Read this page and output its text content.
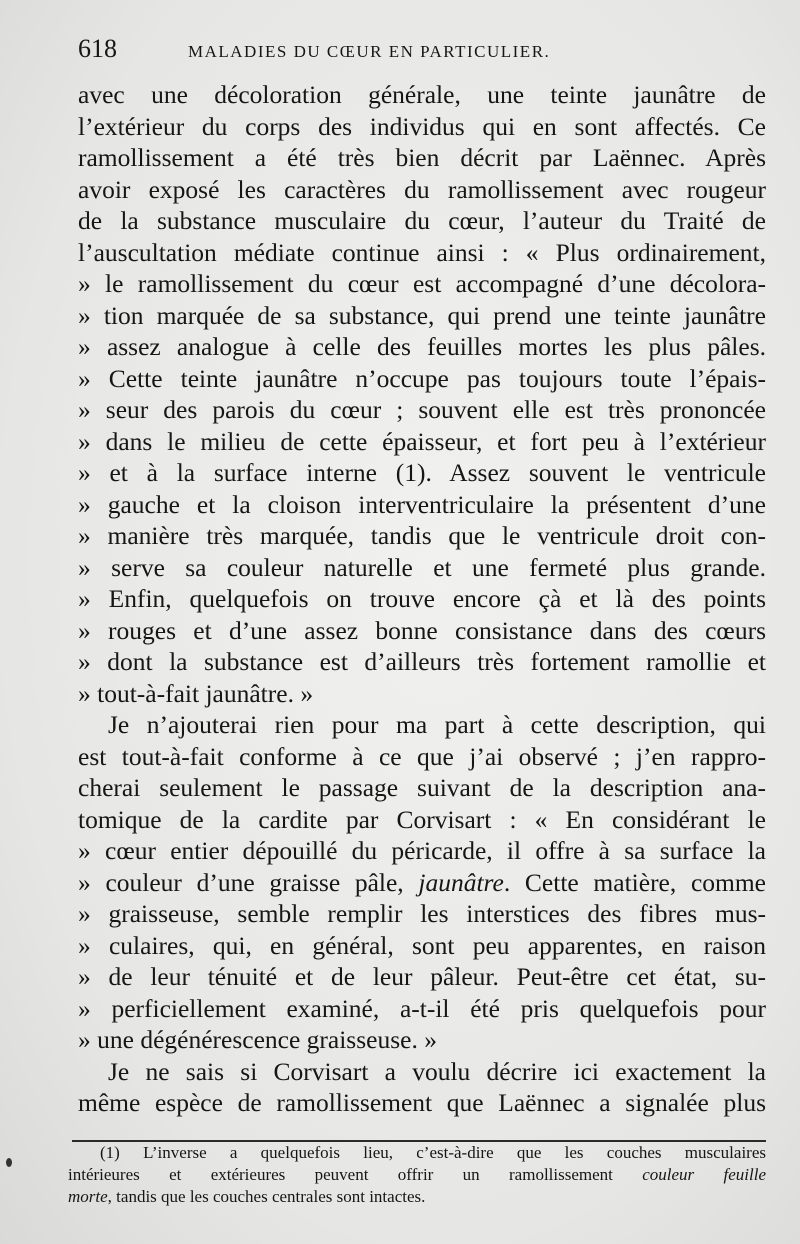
618	MALADIES DU CŒUR EN PARTICULIER.
avec une décoloration générale, une teinte jaunâtre de
l’extérieur du corps des individus qui en sont affectés. Ce
ramollissement a été très bien décrit par Laënnec. Après
avoir exposé les caractères du ramollissement avec rougeur
de la substance musculaire du cœur, l’auteur du Traité de
l’auscultation médiate continue ainsi : « Plus ordinairement,
» le ramollissement du cœur est accompagné d’une décolora-
» tion marquée de sa substance, qui prend une teinte jaunâtre
» assez analogue à celle des feuilles mortes les plus pâles.
» Cette teinte jaunâtre n’occupe pas toujours toute l’épais-
» seur des parois du cœur ; souvent elle est très prononcée
» dans le milieu de cette épaisseur, et fort peu à l’extérieur
» et à la surface interne (1). Assez souvent le ventricule
» gauche et la cloison interventriculaire la présentent d’une
» manière très marquée, tandis que le ventricule droit con-
» serve sa couleur naturelle et une fermeté plus grande.
» Enfin, quelquefois on trouve encore çà et là des points
» rouges et d’une assez bonne consistance dans des cœurs
» dont la substance est d’ailleurs très fortement ramollie et
» tout-à-fait jaunâtre. »
Je n’ajouterai rien pour ma part à cette description, qui
est tout-à-fait conforme à ce que j’ai observé ; j’en rappro-
cherai seulement le passage suivant de la description ana-
tomique de la cardite par Corvisart : « En considérant le
» cœur entier dépouillé du péricarde, il offre à sa surface la
» couleur d’une graisse pâle, jaunâtre. Cette matière, comme
» graisseuse, semble remplir les interstices des fibres mus-
» culaires, qui, en général, sont peu apparentes, en raison
» de leur ténuité et de leur pâleur. Peut-être cet état, su-
» perficiellement examiné, a-t-il été pris quelquefois pour
» une dégénérescence graisseuse. »
Je ne sais si Corvisart a voulu décrire ici exactement la
même espèce de ramollissement que Laënnec a signalée plus
(1) L’inverse a quelquefois lieu, c’est-à-dire que les couches musculaires
intérieures et extérieures peuvent offrir un ramollissement couleur feuille
morte, tandis que les couches centrales sont intactes.
